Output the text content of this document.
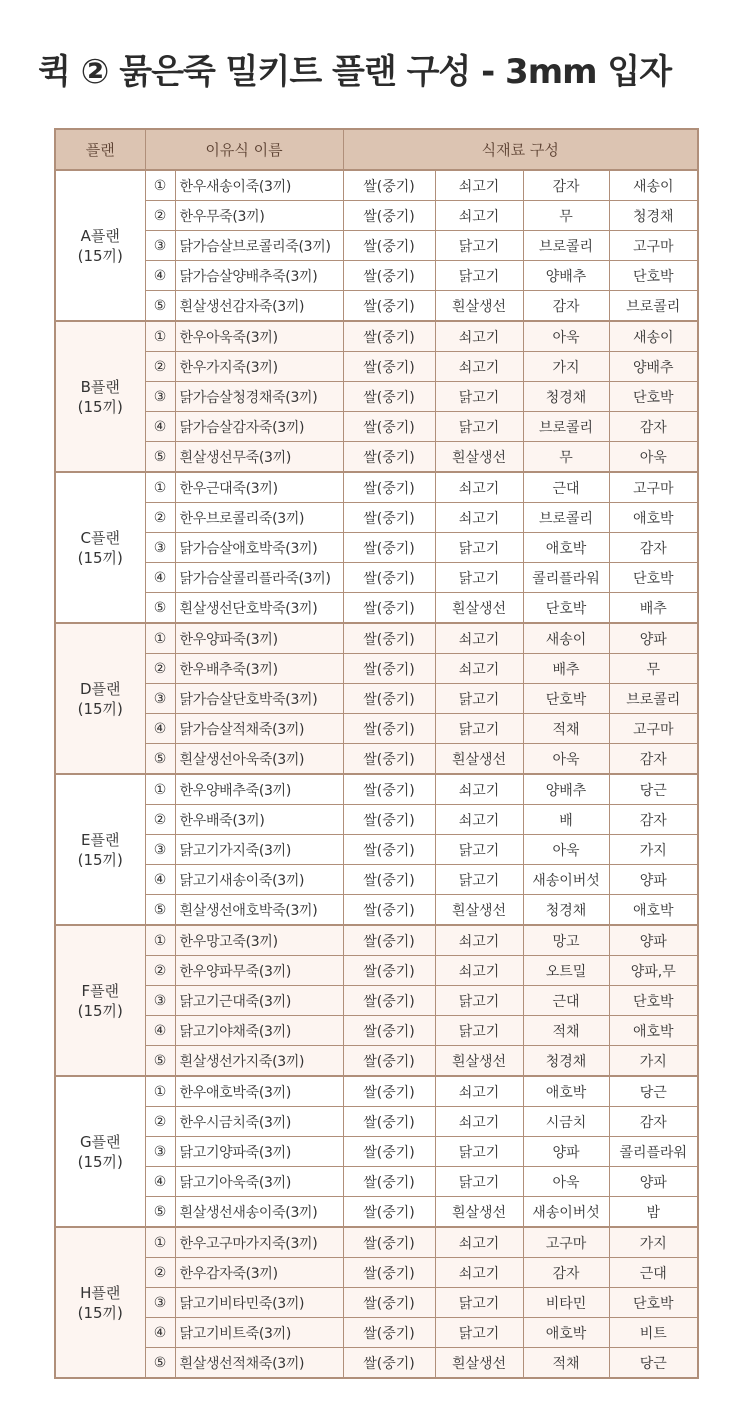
퀵 ② 묽은죽 밀키트 플랜 구성 - 3mm 입자
플랜	이유식 이름		식재료 구성			

A플랜
(15끼)	①	한우새송이죽(3끼)	쌀(중기)	쇠고기	감자	새송이
	②	한우무죽(3끼)	쌀(중기)	쇠고기	무	청경채
	③	닭가슴살브로콜리죽(3끼)	쌀(중기)	닭고기	브로콜리	고구마
	④	닭가슴살양배추죽(3끼)	쌀(중기)	닭고기	양배추	단호박
	⑤	흰살생선감자죽(3끼)	쌀(중기)	흰살생선	감자	브로콜리

B플랜
(15끼)	①	한우아욱죽(3끼)	쌀(중기)	쇠고기	아욱	새송이
	②	한우가지죽(3끼)	쌀(중기)	쇠고기	가지	양배추
	③	닭가슴살청경채죽(3끼)	쌀(중기)	닭고기	청경채	단호박
	④	닭가슴살감자죽(3끼)	쌀(중기)	닭고기	브로콜리	감자
	⑤	흰살생선무죽(3끼)	쌀(중기)	흰살생선	무	아욱

C플랜
(15끼)	①	한우근대죽(3끼)	쌀(중기)	쇠고기	근대	고구마
	②	한우브로콜리죽(3끼)	쌀(중기)	쇠고기	브로콜리	애호박
	③	닭가슴살애호박죽(3끼)	쌀(중기)	닭고기	애호박	감자
	④	닭가슴살콜리플라죽(3끼)	쌀(중기)	닭고기	콜리플라워	단호박
	⑤	흰살생선단호박죽(3끼)	쌀(중기)	흰살생선	단호박	배추

D플랜
(15끼)	①	한우양파죽(3끼)	쌀(중기)	쇠고기	새송이	양파
	②	한우배추죽(3끼)	쌀(중기)	쇠고기	배추	무
	③	닭가슴살단호박죽(3끼)	쌀(중기)	닭고기	단호박	브로콜리
	④	닭가슴살적채죽(3끼)	쌀(중기)	닭고기	적채	고구마
	⑤	흰살생선아욱죽(3끼)	쌀(중기)	흰살생선	아욱	감자

E플랜
(15끼)	①	한우양배추죽(3끼)	쌀(중기)	쇠고기	양배추	당근
	②	한우배죽(3끼)	쌀(중기)	쇠고기	배	감자
	③	닭고기가지죽(3끼)	쌀(중기)	닭고기	아욱	가지
	④	닭고기새송이죽(3끼)	쌀(중기)	닭고기	새송이버섯	양파
	⑤	흰살생선애호박죽(3끼)	쌀(중기)	흰살생선	청경채	애호박

F플랜
(15끼)	①	한우망고죽(3끼)	쌀(중기)	쇠고기	망고	양파
	②	한우양파무죽(3끼)	쌀(중기)	쇠고기	오트밀	양파,무
	③	닭고기근대죽(3끼)	쌀(중기)	닭고기	근대	단호박
	④	닭고기야채죽(3끼)	쌀(중기)	닭고기	적채	애호박
	⑤	흰살생선가지죽(3끼)	쌀(중기)	흰살생선	청경채	가지

G플랜
(15끼)	①	한우애호박죽(3끼)	쌀(중기)	쇠고기	애호박	당근
	②	한우시금치죽(3끼)	쌀(중기)	쇠고기	시금치	감자
	③	닭고기양파죽(3끼)	쌀(중기)	닭고기	양파	콜리플라워
	④	닭고기아욱죽(3끼)	쌀(중기)	닭고기	아욱	양파
	⑤	흰살생선새송이죽(3끼)	쌀(중기)	흰살생선	새송이버섯	밤

H플랜
(15끼)	①	한우고구마가지죽(3끼)	쌀(중기)	쇠고기	고구마	가지
	②	한우감자죽(3끼)	쌀(중기)	쇠고기	감자	근대
	③	닭고기비타민죽(3끼)	쌀(중기)	닭고기	비타민	단호박
	④	닭고기비트죽(3끼)	쌀(중기)	닭고기	애호박	비트
	⑤	흰살생선적채죽(3끼)	쌀(중기)	흰살생선	적채	당근
